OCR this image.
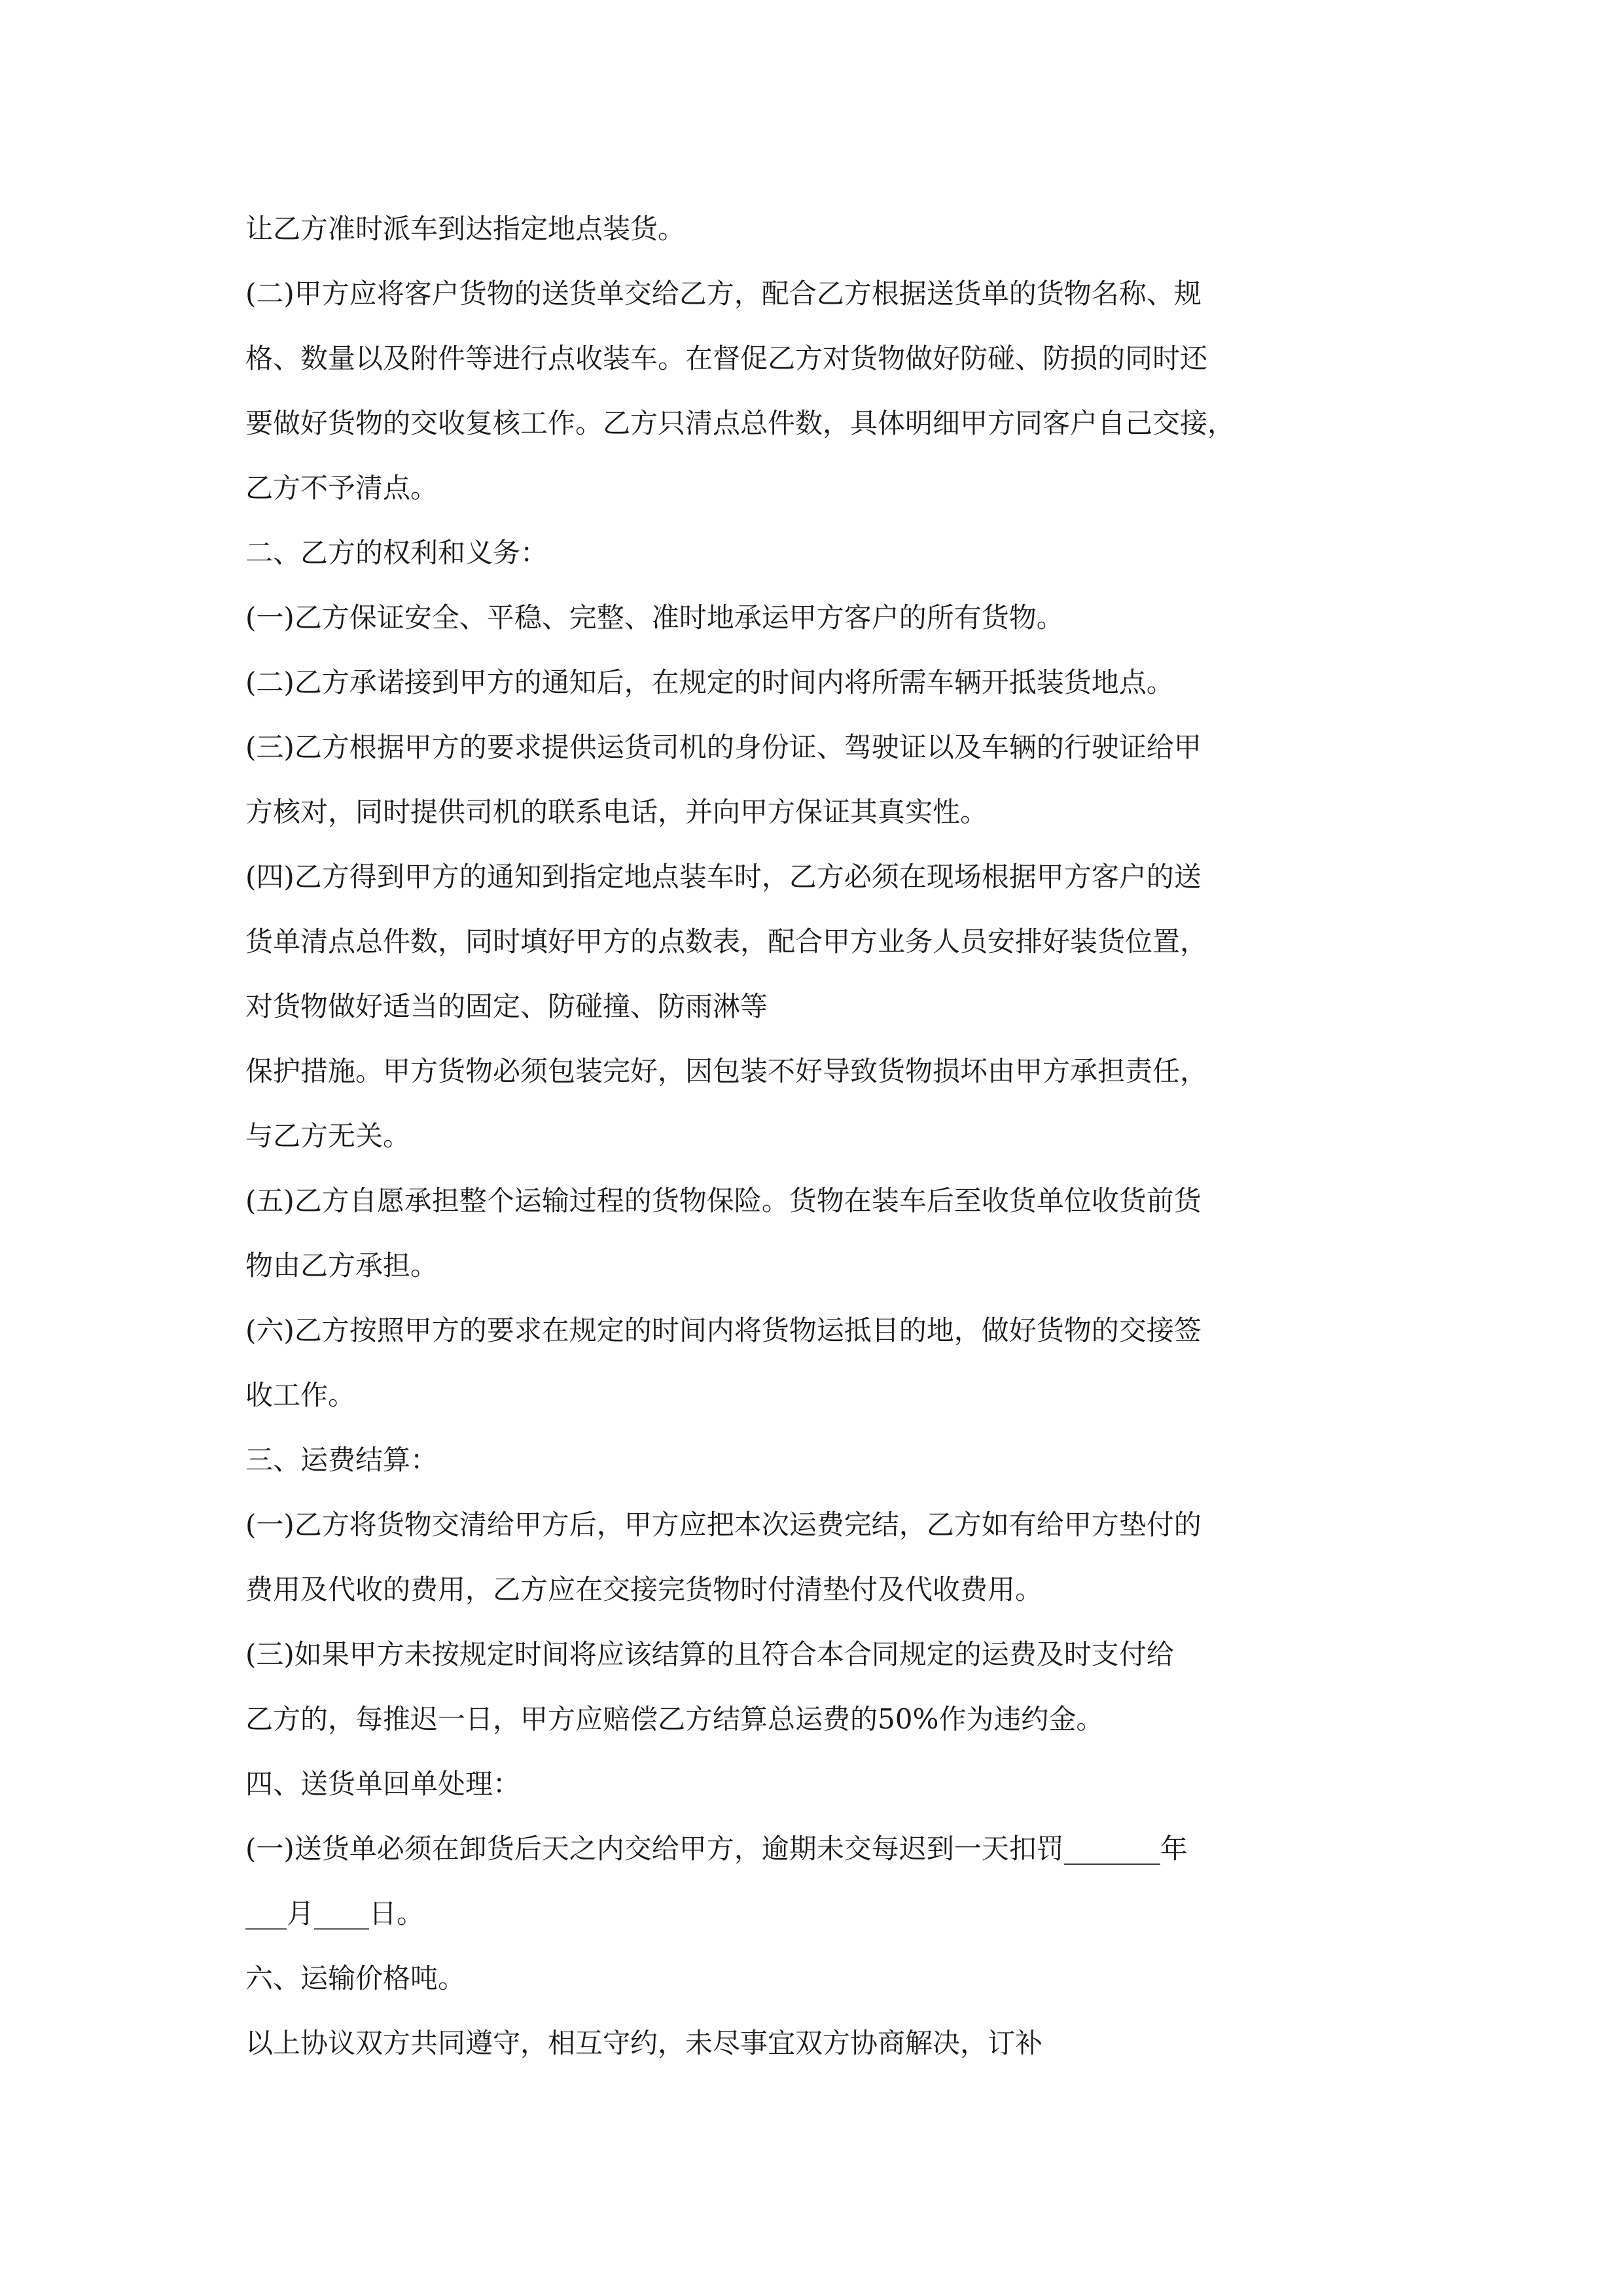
让乙方准时派车到达指定地点装货。

(二)甲方应将客户货物的送货单交给乙方，配合乙方根据送货单的货物名称、规

格、数量以及附件等进行点收装车。在督促乙方对货物做好防碰、防损的同时还

要做好货物的交收复核工作。乙方只清点总件数，具体明细甲方同客户自己交接，

乙方不予清点。

二、乙方的权利和义务：

(一)乙方保证安全、平稳、完整、准时地承运甲方客户的所有货物。

(二)乙方承诺接到甲方的通知后，在规定的时间内将所需车辆开抵装货地点。

(三)乙方根据甲方的要求提供运货司机的身份证、驾驶证以及车辆的行驶证给甲

方核对，同时提供司机的联系电话，并向甲方保证其真实性。

(四)乙方得到甲方的通知到指定地点装车时，乙方必须在现场根据甲方客户的送

货单清点总件数，同时填好甲方的点数表，配合甲方业务人员安排好装货位置，

对货物做好适当的固定、防碰撞、防雨淋等

保护措施。甲方货物必须包装完好，因包装不好导致货物损坏由甲方承担责任，

与乙方无关。

(五)乙方自愿承担整个运输过程的货物保险。货物在装车后至收货单位收货前货

物由乙方承担。

(六)乙方按照甲方的要求在规定的时间内将货物运抵目的地，做好货物的交接签

收工作。

三、运费结算：

(一)乙方将货物交清给甲方后，甲方应把本次运费完结，乙方如有给甲方垫付的

费用及代收的费用，乙方应在交接完货物时付清垫付及代收费用。

(三)如果甲方未按规定时间将应该结算的且符合本合同规定的运费及时支付给

乙方的，每推迟一日，甲方应赔偿乙方结算总运费的50%作为违约金。

四、送货单回单处理：

(一)送货单必须在卸货后天之内交给甲方，逾期未交每迟到一天扣罚_______年

___月____日。

六、运输价格吨。

以上协议双方共同遵守，相互守约，未尽事宜双方协商解决，订补
